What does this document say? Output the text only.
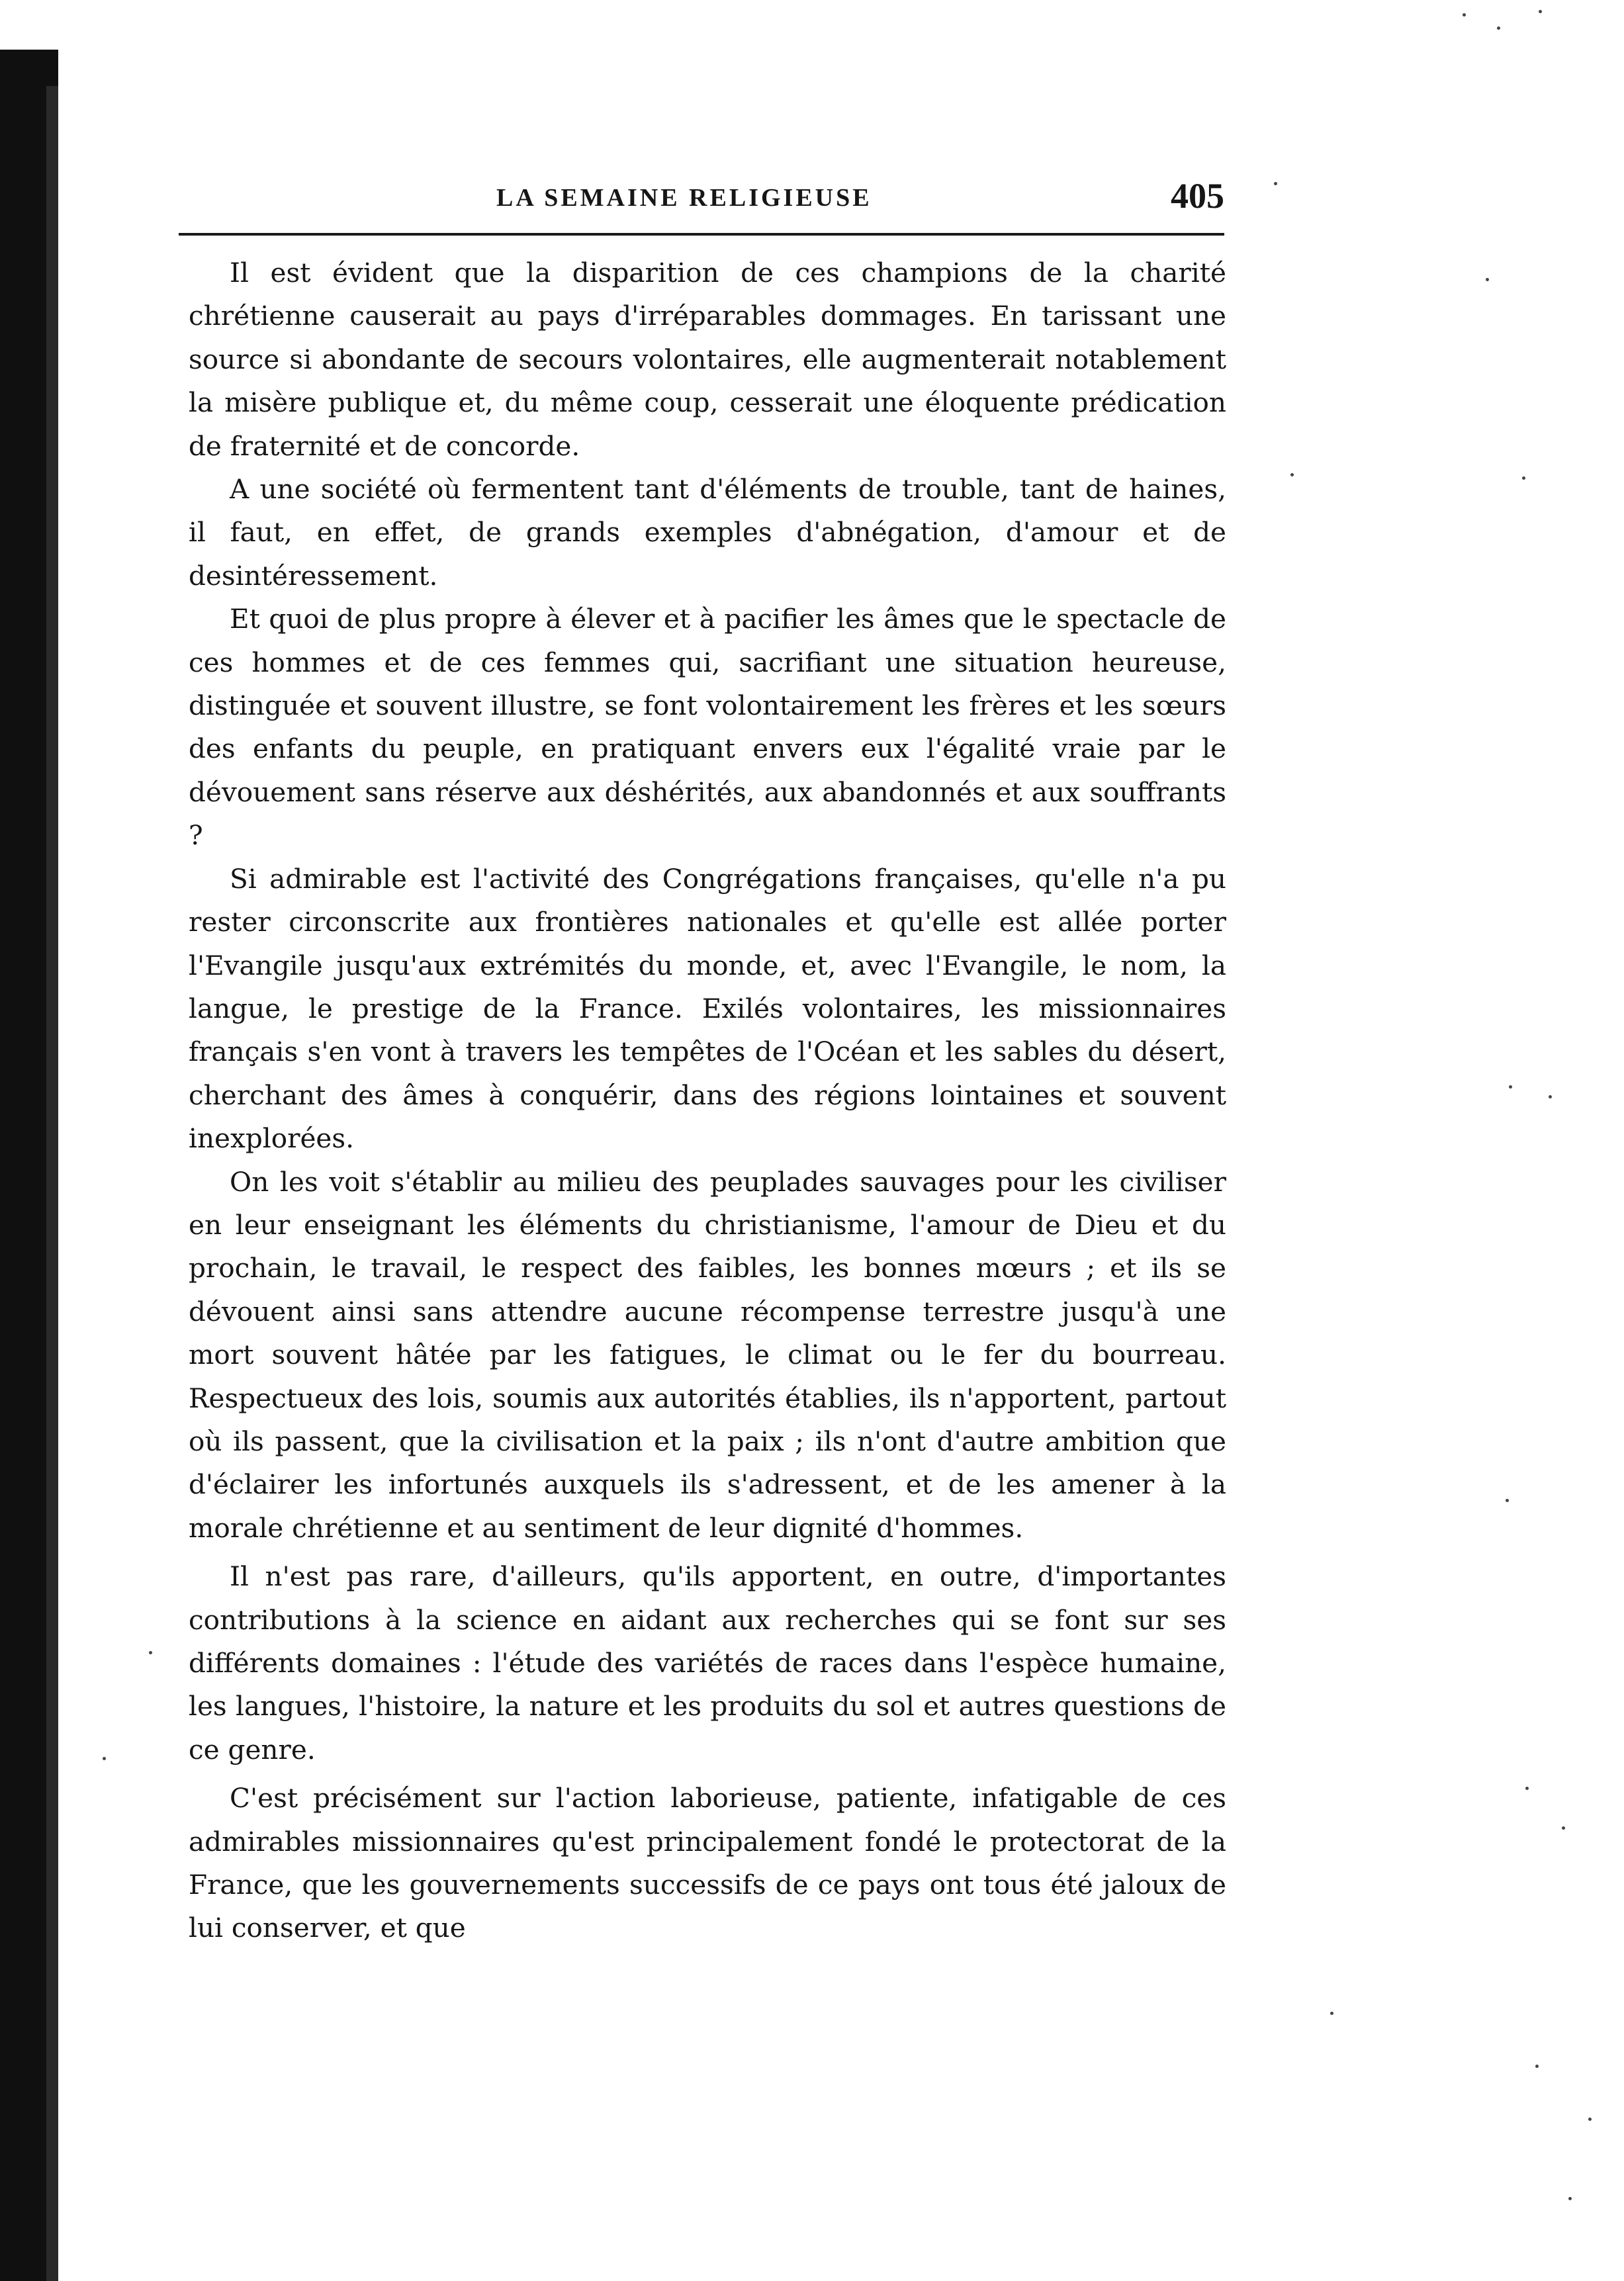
LA SEMAINE RELIGIEUSE	405

Il est évident que la disparition de ces champions de la charité chrétienne causerait au pays d'irréparables dommages. En tarissant une source si abondante de secours volontaires, elle augmenterait notablement la misère publique et, du même coup, cesserait une éloquente prédication de fraternité et de concorde.

A une société où fermentent tant d'éléments de trouble, tant de haines, il faut, en effet, de grands exemples d'abnégation, d'amour et de desintéressement.

Et quoi de plus propre à élever et à pacifier les âmes que le spectacle de ces hommes et de ces femmes qui, sacrifiant une situation heureuse, distinguée et souvent illustre, se font volontairement les frères et les sœurs des enfants du peuple, en pratiquant envers eux l'égalité vraie par le dévouement sans réserve aux déshérités, aux abandonnés et aux souffrants ?

Si admirable est l'activité des Congrégations françaises, qu'elle n'a pu rester circonscrite aux frontières nationales et qu'elle est allée porter l'Evangile jusqu'aux extrémités du monde, et, avec l'Evangile, le nom, la langue, le prestige de la France. Exilés volontaires, les missionnaires français s'en vont à travers les tempêtes de l'Océan et les sables du désert, cherchant des âmes à conquérir, dans des régions lointaines et souvent inexplorées.

On les voit s'établir au milieu des peuplades sauvages pour les civiliser en leur enseignant les éléments du christianisme, l'amour de Dieu et du prochain, le travail, le respect des faibles, les bonnes mœurs ; et ils se dévouent ainsi sans attendre aucune récompense terrestre jusqu'à une mort souvent hâtée par les fatigues, le climat ou le fer du bourreau. Respectueux des lois, soumis aux autorités établies, ils n'apportent, partout où ils passent, que la civilisation et la paix ; ils n'ont d'autre ambition que d'éclairer les infortunés auxquels ils s'adressent, et de les amener à la morale chrétienne et au sentiment de leur dignité d'hommes.

Il n'est pas rare, d'ailleurs, qu'ils apportent, en outre, d'importantes contributions à la science en aidant aux recherches qui se font sur ses différents domaines : l'étude des variétés de races dans l'espèce humaine, les langues, l'histoire, la nature et les produits du sol et autres questions de ce genre.

C'est précisément sur l'action laborieuse, patiente, infatigable de ces admirables missionnaires qu'est principalement fondé le protectorat de la France, que les gouvernements successifs de ce pays ont tous été jaloux de lui conserver, et que
